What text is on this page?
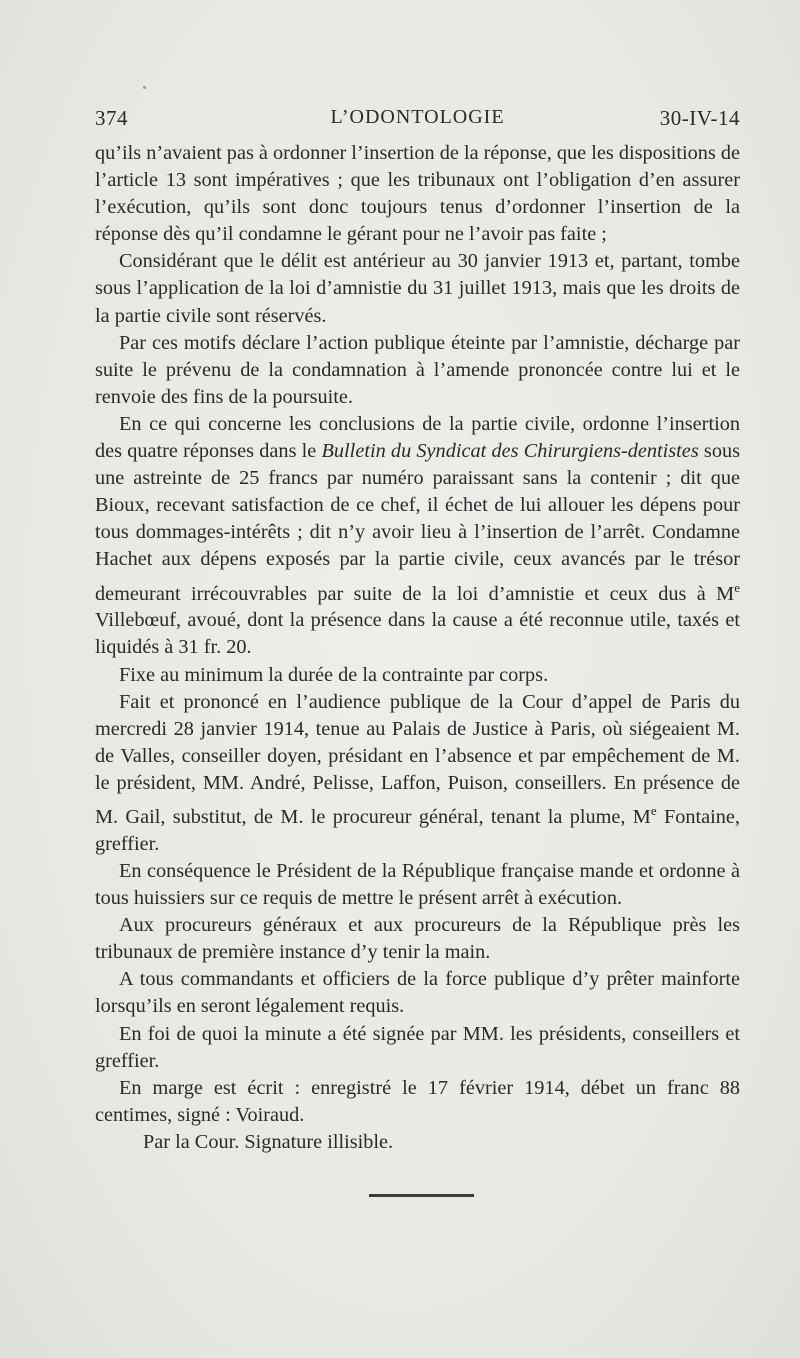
374	L’ODONTOLOGIE	30-IV-14

qu’ils n’avaient pas à ordonner l’insertion de la réponse, que les dispositions de l’article 13 sont impératives ; que les tribunaux ont l’obligation d’en assurer l’exécution, qu’ils sont donc toujours tenus d’ordonner l’insertion de la réponse dès qu’il condamne le gérant pour ne l’avoir pas faite ;

Considérant que le délit est antérieur au 30 janvier 1913 et, partant, tombe sous l’application de la loi d’amnistie du 31 juillet 1913, mais que les droits de la partie civile sont réservés.

Par ces motifs déclare l’action publique éteinte par l’amnistie, décharge par suite le prévenu de la condamnation à l’amende prononcée contre lui et le renvoie des fins de la poursuite.

En ce qui concerne les conclusions de la partie civile, ordonne l’insertion des quatre réponses dans le Bulletin du Syndicat des Chirurgiens-dentistes sous une astreinte de 25 francs par numéro paraissant sans la contenir ; dit que Bioux, recevant satisfaction de ce chef, il échet de lui allouer les dépens pour tous dommages-intérêts ; dit n’y avoir lieu à l’insertion de l’arrêt. Condamne Hachet aux dépens exposés par la partie civile, ceux avancés par le trésor demeurant irrécouvrables par suite de la loi d’amnistie et ceux dus à Me Villebœuf, avoué, dont la présence dans la cause a été reconnue utile, taxés et liquidés à 31 fr. 20.

Fixe au minimum la durée de la contrainte par corps.

Fait et prononcé en l’audience publique de la Cour d’appel de Paris du mercredi 28 janvier 1914, tenue au Palais de Justice à Paris, où siégeaient M. de Valles, conseiller doyen, présidant en l’absence et par empêchement de M. le président, MM. André, Pelisse, Laffon, Puison, conseillers. En présence de M. Gail, substitut, de M. le procureur général, tenant la plume, Me Fontaine, greffier.

En conséquence le Président de la République française mande et ordonne à tous huissiers sur ce requis de mettre le présent arrêt à exécution.

Aux procureurs généraux et aux procureurs de la République près les tribunaux de première instance d’y tenir la main.

A tous commandants et officiers de la force publique d’y prêter mainforte lorsqu’ils en seront légalement requis.

En foi de quoi la minute a été signée par MM. les présidents, conseillers et greffier.

En marge est écrit : enregistré le 17 février 1914, débet un franc 88 centimes, signé : Voiraud.

Par la Cour. Signature illisible.
